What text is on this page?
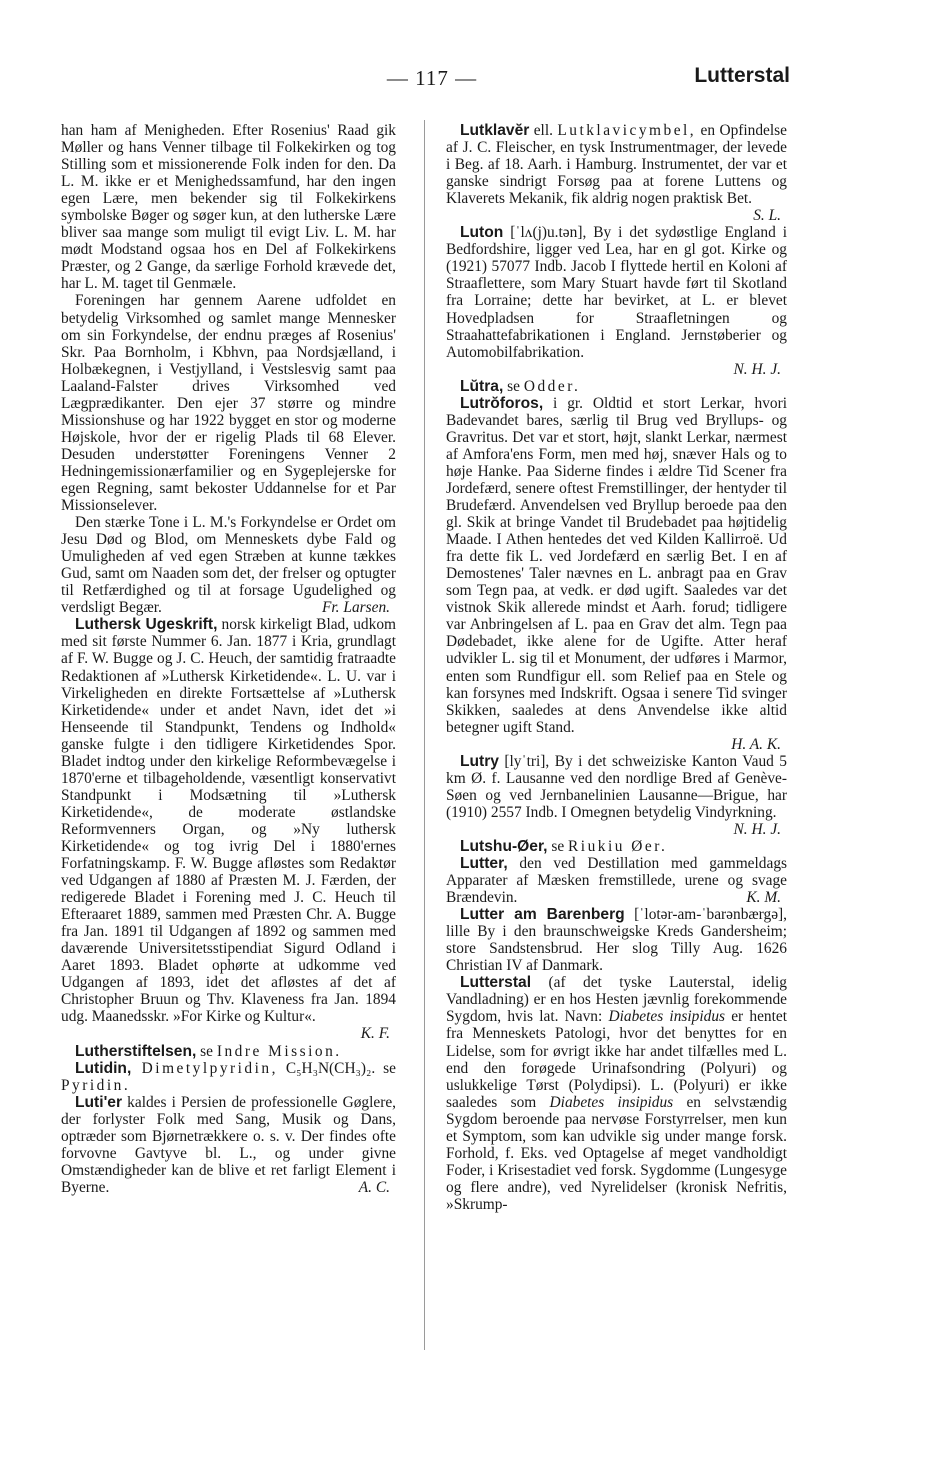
— 117 —	Lutterstal

han ham af Menigheden. Efter Rosenius' Raad gik Møller og hans Venner tilbage til Folkekirken og tog Stilling som et missionerende Folk inden for den. Da L. M. ikke er et Menighedssamfund, har den ingen egen Lære, men bekender sig til Folkekirkens symbolske Bøger og søger kun, at den lutherske Lære bliver saa mange som muligt til evigt Liv. L. M. har mødt Modstand ogsaa hos en Del af Folkekirkens Præster, og 2 Gange, da særlige Forhold krævede det, har L. M. taget til Genmæle.

Foreningen har gennem Aarene udfoldet en betydelig Virksomhed og samlet mange Mennesker om sin Forkyndelse, der endnu præges af Rosenius' Skr. Paa Bornholm, i Kbhvn, paa Nordsjælland, i Holbækegnen, i Vestjylland, i Vestslesvig samt paa Laaland-Falster drives Virksomhed ved Lægprædikanter. Den ejer 37 større og mindre Missionshuse og har 1922 bygget en stor og moderne Højskole, hvor der er rigelig Plads til 68 Elever. Desuden understøtter Foreningens Venner 2 Hedningemissionærfamilier og en Sygeplejerske for egen Regning, samt bekoster Uddannelse for et Par Missionselever.

Den stærke Tone i L. M.'s Forkyndelse er Ordet om Jesu Død og Blod, om Menneskets dybe Fald og Umuligheden af ved egen Stræben at kunne tækkes Gud, samt om Naaden som det, der frelser og optugter til Retfærdighed og til at forsage Ugudelighed og verdsligt Begær.	Fr. Larsen.

Luthersk Ugeskrift, norsk kirkeligt Blad, udkom med sit første Nummer 6. Jan. 1877 i Kria, grundlagt af F. W. Bugge og J. C. Heuch, der samtidig fratraadte Redaktionen af »Luthersk Kirketidende«. L. U. var i Virkeligheden en direkte Fortsættelse af »Luthersk Kirketidende« under et andet Navn, idet det »i Henseende til Standpunkt, Tendens og Indhold« ganske fulgte i den tidligere Kirketidendes Spor. Bladet indtog under den kirkelige Reformbevægelse i 1870'erne et tilbageholdende, væsentligt konservativt Standpunkt i Modsætning til »Luthersk Kirketidende«, de moderate østlandske Reformvenners Organ, og »Ny luthersk Kirketidende« og tog ivrig Del i 1880'ernes Forfatningskamp. F. W. Bugge afløstes som Redaktør ved Udgangen af 1880 af Præsten M. J. Færden, der redigerede Bladet i Forening med J. C. Heuch til Efteraaret 1889, sammen med Præsten Chr. A. Bugge fra Jan. 1891 til Udgangen af 1892 og sammen med daværende Universitetsstipendiat Sigurd Odland i Aaret 1893. Bladet ophørte at udkomme ved Udgangen af 1893, idet det afløstes af det af Christopher Bruun og Thv. Klaveness fra Jan. 1894 udg. Maanedsskr. »For Kirke og Kultur«.

K. F.

Lutherstiftelsen, se Indre Mission.

Lutidin, Dimetylpyridin, C₅H₃N(CH₃)₂. se Pyridin.

Luti'er kaldes i Persien de professionelle Gøglere, der forlyster Folk med Sang, Musik og Dans, optræder som Bjørnetrækkere o. s. v. Der findes ofte forvovne Gavtyve bl. L., og under givne Omstændigheder kan de blive et ret farligt Element i Byerne.	A. C.

Lutklavĕr ell. Lutklavicymbel, en Opfindelse af J. C. Fleischer, en tysk Instrumentmager, der levede i Beg. af 18. Aarh. i Hamburg. Instrumentet, der var et ganske sindrigt Forsøg paa at forene Luttens og Klaverets Mekanik, fik aldrig nogen praktisk Bet.
S. L.

Luton [ˈlʌ(j)u.tən], By i det sydøstlige England i Bedfordshire, ligger ved Lea, har en gl got. Kirke og (1921) 57077 Indb. Jacob I flyttede hertil en Koloni af Straaflettere, som Mary Stuart havde ført til Skotland fra Lorraine; dette har bevirket, at L. er blevet Hovedpladsen for Straafletningen og Straahattefabrikationen i England. Jernstøberier og Automobilfabrikation.

N. H. J.

Lŭtra, se Odder.

Lutrŏforos, i gr. Oldtid et stort Lerkar, hvori Badevandet bares, særlig til Brug ved Bryllups- og Gravritus. Det var et stort, højt, slankt Lerkar, nærmest af Amfora'ens Form, men med høj, snæver Hals og to høje Hanke. Paa Siderne findes i ældre Tid Scener fra Jordefærd, senere oftest Fremstillinger, der hentyder til Brudefærd. Anvendelsen ved Bryllup beroede paa den gl. Skik at bringe Vandet til Brudebadet paa højtidelig Maade. I Athen hentedes det ved Kilden Kallirroë. Ud fra dette fik L. ved Jordefærd en særlig Bet. I en af Demostenes' Taler nævnes en L. anbragt paa en Grav som Tegn paa, at vedk. er død ugift. Saaledes var det vistnok Skik allerede mindst et Aarh. forud; tidligere var Anbringelsen af L. paa en Grav det alm. Tegn paa Dødebadet, ikke alene for de Ugifte. Atter heraf udvikler L. sig til et Monument, der udføres i Marmor, enten som Rundfigur ell. som Relief paa en Stele og kan forsynes med Indskrift. Ogsaa i senere Tid svinger Skikken, saaledes at dens Anvendelse ikke altid betegner ugift Stand.

H. A. K.

Lutry [lyˈtri], By i det schweiziske Kanton Vaud 5 km Ø. f. Lausanne ved den nordlige Bred af Genève-Søen og ved Jernbanelinien Lausanne—Brigue, har (1910) 2557 Indb. I Omegnen betydelig Vindyrkning.
N. H. J.

Lutshu-Øer, se Riukiu Øer.

Lutter, den ved Destillation med gammeldags Apparater af Mæsken fremstillede, urene og svage Brændevin.	K. M.

Lutter am Barenberg [ˈlotər-am-ˈbarənbærgə], lille By i den braunschweigske Kreds Gandersheim; store Sandstensbrud. Her slog Tilly Aug. 1626 Christian IV af Danmark.

Lutterstal (af det tyske Lauterstal, idelig Vandladning) er en hos Hesten jævnlig forekommende Sygdom, hvis lat. Navn: Diabetes insipidus er hentet fra Menneskets Patologi, hvor det benyttes for en Lidelse, som for øvrigt ikke har andet tilfælles med L. end den forøgede Urinafsondring (Polyuri) og uslukkelige Tørst (Polydipsi). L. (Polyuri) er ikke saaledes som Diabetes insipidus en selvstændig Sygdom beroende paa nervøse Forstyrrelser, men kun et Symptom, som kan udvikle sig under mange forsk. Forhold, f. Eks. ved Optagelse af meget vandholdigt Foder, i Krisestadiet ved forsk. Sygdomme (Lungesyge og flere andre), ved Nyrelidelser (kronisk Nefritis, »Skrump-
